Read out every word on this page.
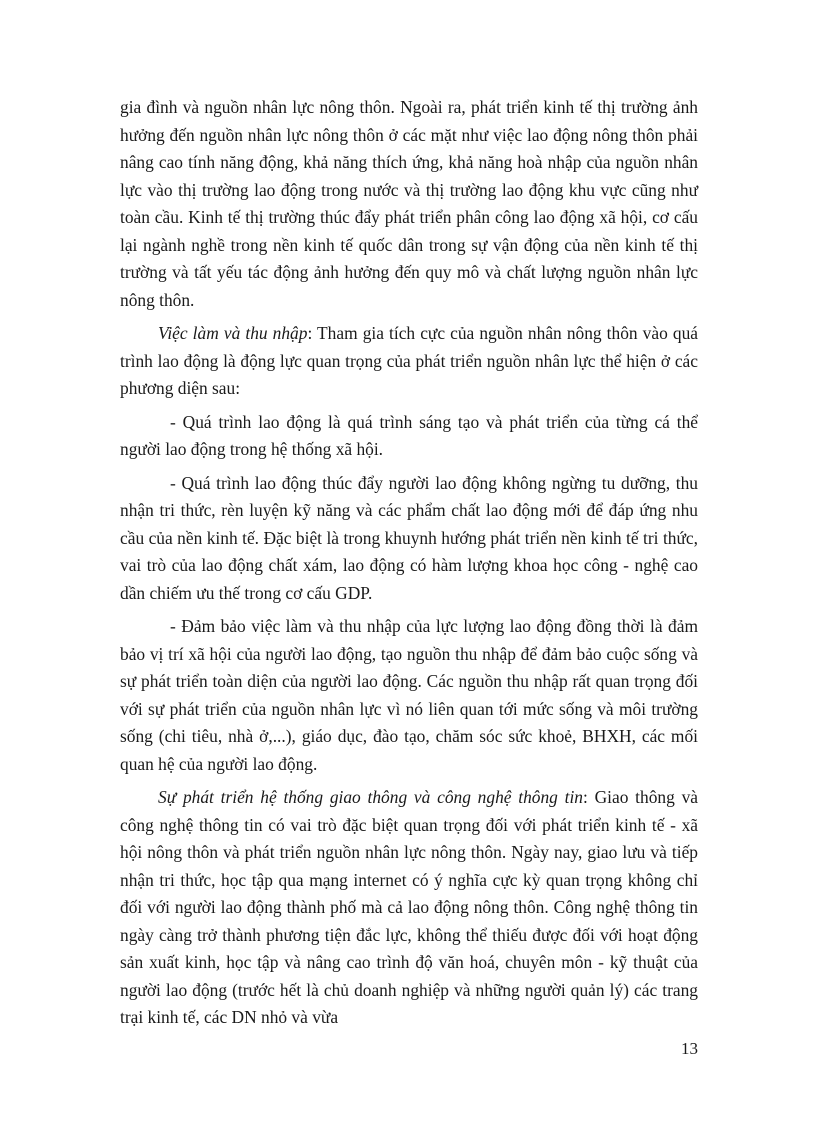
gia đình và nguồn nhân lực nông thôn. Ngoài ra, phát triển kinh tế thị trường ảnh hưởng đến nguồn nhân lực nông thôn ở các mặt như việc lao động nông thôn phải nâng cao tính năng động, khả năng thích ứng, khả năng hoà nhập của nguồn nhân lực vào thị trường lao động trong nước và thị trường lao động khu vực cũng như toàn cầu. Kinh tế thị trường thúc đẩy phát triển phân công lao động xã hội, cơ cấu lại ngành nghề trong nền kinh tế quốc dân trong sự vận động của nền kinh tế thị trường và tất yếu tác động ảnh hưởng đến quy mô và chất lượng nguồn nhân lực nông thôn.

Việc làm và thu nhập: Tham gia tích cực của nguồn nhân nông thôn vào quá trình lao động là động lực quan trọng của phát triển nguồn nhân lực thể hiện ở các phương diện sau:

- Quá trình lao động là quá trình sáng tạo và phát triển của từng cá thể người lao động trong hệ thống xã hội.

- Quá trình lao động thúc đẩy người lao động không ngừng tu dưỡng, thu nhận tri thức, rèn luyện kỹ năng và các phẩm chất lao động mới để đáp ứng nhu cầu của nền kinh tế. Đặc biệt là trong khuynh hướng phát triển nền kinh tế tri thức, vai trò của lao động chất xám, lao động có hàm lượng khoa học công - nghệ cao dần chiếm ưu thế trong cơ cấu GDP.

- Đảm bảo việc làm và thu nhập của lực lượng lao động đồng thời là đảm bảo vị trí xã hội của người lao động, tạo nguồn thu nhập để đảm bảo cuộc sống và sự phát triển toàn diện của người lao động. Các nguồn thu nhập rất quan trọng đối với sự phát triển của nguồn nhân lực vì nó liên quan tới mức sống và môi trường sống (chi tiêu, nhà ở,...), giáo dục, đào tạo, chăm sóc sức khoẻ, BHXH, các mối quan hệ của người lao động.

Sự phát triển hệ thống giao thông và công nghệ thông tin: Giao thông và công nghệ thông tin có vai trò đặc biệt quan trọng đối với phát triển kinh tế - xã hội nông thôn và phát triển nguồn nhân lực nông thôn. Ngày nay, giao lưu và tiếp nhận tri thức, học tập qua mạng internet có ý nghĩa cực kỳ quan trọng không chỉ đối với người lao động thành phố mà cả lao động nông thôn. Công nghệ thông tin ngày càng trở thành phương tiện đắc lực, không thể thiếu được đối với hoạt động sản xuất kinh, học tập và nâng cao trình độ văn hoá, chuyên môn - kỹ thuật của người lao động (trước hết là chủ doanh nghiệp và những người quản lý) các trang trại kinh tế, các DN nhỏ và vừa

13
